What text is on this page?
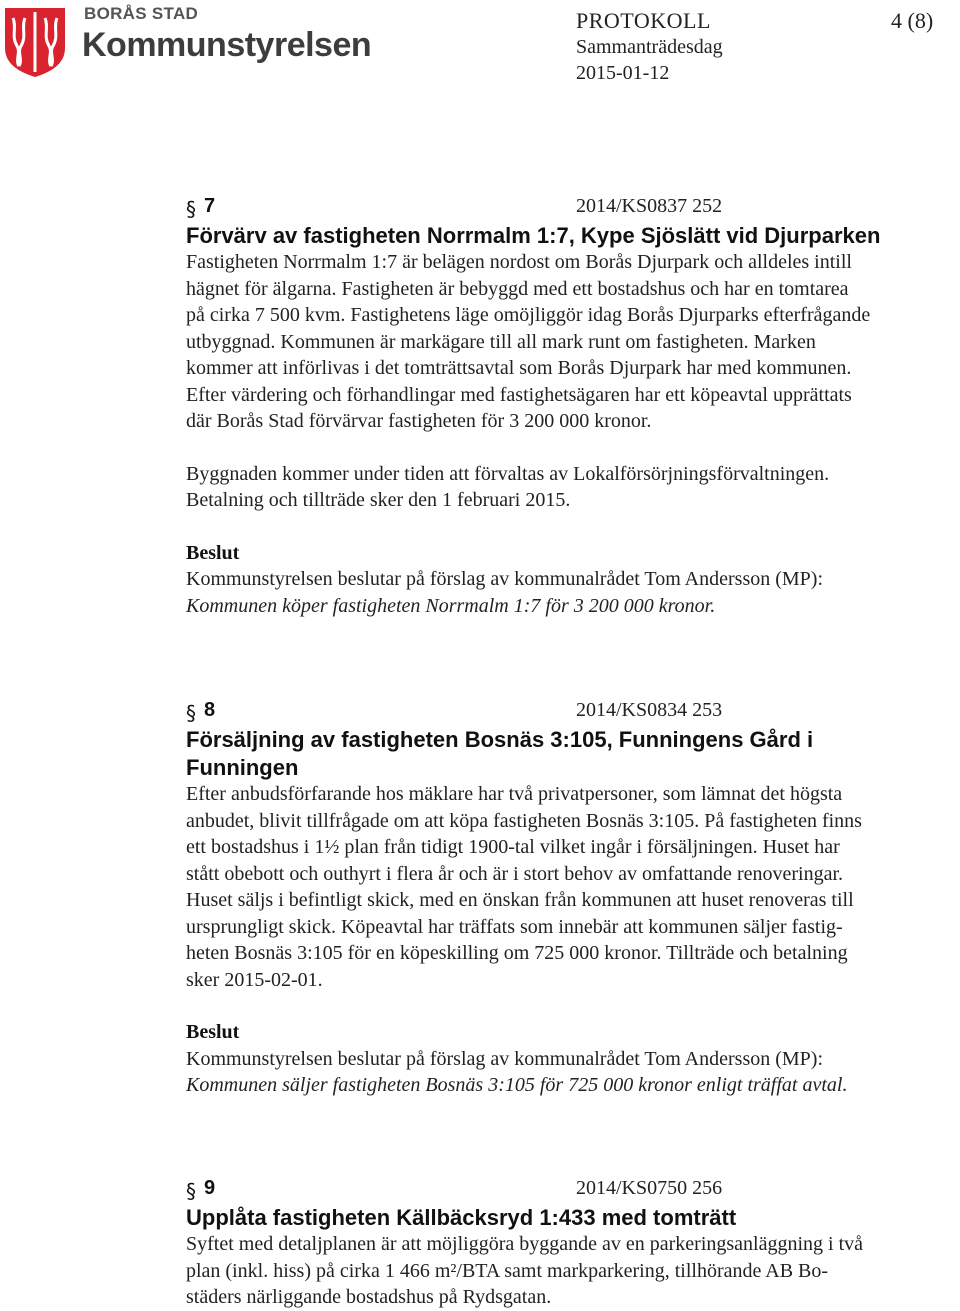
BORÅS STAD
Kommunstyrelsen
PROTOKOLL	4 (8)
Sammanträdesdag
2015-01-12
§ 7	2014/KS0837 252
Förvärv av fastigheten Norrmalm 1:7, Kype Sjöslätt vid Djurparken

Fastigheten Norrmalm 1:7 är belägen nordost om Borås Djurpark och alldeles intill

hägnet för älgarna. Fastigheten är bebyggd med ett bostadshus och har en tomtarea

på cirka 7 500 kvm. Fastighetens läge omöjliggör idag Borås Djurparks efterfrågande

utbyggnad. Kommunen är markägare till all mark runt om fastigheten. Marken

kommer att införlivas i det tomträttsavtal som Borås Djurpark har med kommunen.

Efter värdering och förhandlingar med fastighetsägaren har ett köpeavtal upprättats

där Borås Stad förvärvar fastigheten för 3 200 000 kronor.

Byggnaden kommer under tiden att förvaltas av Lokalförsörjningsförvaltningen.

Betalning och tillträde sker den 1 februari 2015.

Beslut

Kommunstyrelsen beslutar på förslag av kommunalrådet Tom Andersson (MP):

Kommunen köper fastigheten Norrmalm 1:7 för 3 200 000 kronor.

§ 8	2014/KS0834 253
Försäljning av fastigheten Bosnäs 3:105, Funningens Gård i
Funningen

Efter anbudsförfarande hos mäklare har två privatpersoner, som lämnat det högsta

anbudet, blivit tillfrågade om att köpa fastigheten Bosnäs 3:105. På fastigheten finns

ett bostadshus i 1½ plan från tidigt 1900-tal vilket ingår i försäljningen. Huset har

stått obebott och outhyrt i flera år och är i stort behov av omfattande renoveringar.

Huset säljs i befintligt skick, med en önskan från kommunen att huset renoveras till

ursprungligt skick. Köpeavtal har träffats som innebär att kommunen säljer fastig-

heten Bosnäs 3:105 för en köpeskilling om 725 000 kronor. Tillträde och betalning

sker 2015-02-01.

Beslut

Kommunstyrelsen beslutar på förslag av kommunalrådet Tom Andersson (MP):

Kommunen säljer fastigheten Bosnäs 3:105 för 725 000 kronor enligt träffat avtal.

§ 9	2014/KS0750 256
Upplåta fastigheten Källbäcksryd 1:433 med tomträtt

Syftet med detaljplanen är att möjliggöra byggande av en parkeringsanläggning i två

plan (inkl. hiss) på cirka 1 466 m²/BTA samt markparkering, tillhörande AB Bo-

städers närliggande bostadshus på Rydsgatan.
